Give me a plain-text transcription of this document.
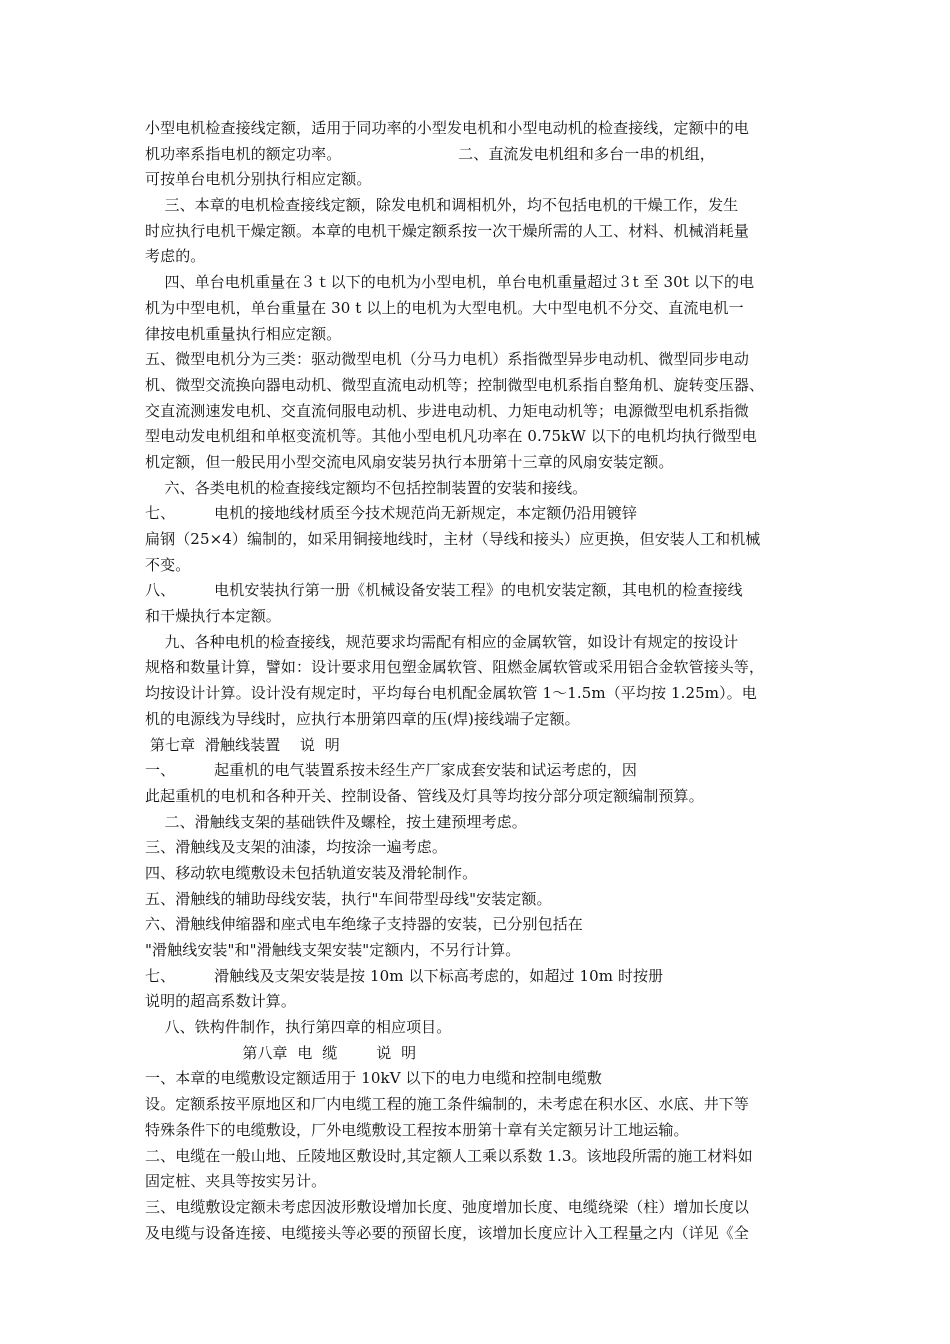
小型电机检查接线定额，适用于同功率的小型发电机和小型电动机的检查接线，定额中的电
机功率系指电机的额定功率。                        二、直流发电机组和多台一串的机组，
可按单台电机分别执行相应定额。
三、本章的电机检查接线定额，除发电机和调相机外，均不包括电机的干燥工作，发生
时应执行电机干燥定额。本章的电机干燥定额系按一次干燥所需的人工、材料、机械消耗量
考虑的。
四、单台电机重量在３ｔ以下的电机为小型电机，单台电机重量超过３t 至 30t 以下的电
机为中型电机，单台重量在 30 t 以上的电机为大型电机。大中型电机不分交、直流电机一
律按电机重量执行相应定额。
五、微型电机分为三类：驱动微型电机（分马力电机）系指微型异步电动机、微型同步电动
机、微型交流换向器电动机、微型直流电动机等；控制微型电机系指自整角机、旋转变压器、
交直流测速发电机、交直流伺服电动机、步进电动机、力矩电动机等；电源微型电机系指微
型电动发电机组和单枢变流机等。其他小型电机凡功率在 0.75kW 以下的电机均执行微型电
机定额，但一般民用小型交流电风扇安装另执行本册第十三章的风扇安装定额。
六、各类电机的检查接线定额均不包括控制装置的安装和接线。
七、        电机的接地线材质至今技术规范尚无新规定，本定额仍沿用镀锌
扁钢（25×4）编制的，如采用铜接地线时，主材（导线和接头）应更换，但安装人工和机械
不变。
八、        电机安装执行第一册《机械设备安装工程》的电机安装定额，其电机的检查接线
和干燥执行本定额。
九、各种电机的检查接线，规范要求均需配有相应的金属软管，如设计有规定的按设计
规格和数量计算，譬如：设计要求用包塑金属软管、阻燃金属软管或采用铝合金软管接头等，
均按设计计算。设计没有规定时，平均每台电机配金属软管 1～1.5m（平均按 1.25m）。电
机的电源线为导线时，应执行本册第四章的压(焊)接线端子定额。
第七章  滑触线装置    说  明
一、        起重机的电气装置系按未经生产厂家成套安装和试运考虑的，因
此起重机的电机和各种开关、控制设备、管线及灯具等均按分部分项定额编制预算。
二、滑触线支架的基础铁件及螺栓，按土建预埋考虑。
三、滑触线及支架的油漆，均按涂一遍考虑。
四、移动软电缆敷设未包括轨道安装及滑轮制作。
五、滑触线的辅助母线安装，执行"车间带型母线"安装定额。
六、滑触线伸缩器和座式电车绝缘子支持器的安装，已分别包括在
"滑触线安装"和"滑触线支架安装"定额内，不另行计算。
七、        滑触线及支架安装是按 10m 以下标高考虑的，如超过 10m 时按册
说明的超高系数计算。
八、铁构件制作，执行第四章的相应项目。
第八章  电  缆        说  明
一、本章的电缆敷设定额适用于 10kV 以下的电力电缆和控制电缆敷
设。定额系按平原地区和厂内电缆工程的施工条件编制的，未考虑在积水区、水底、井下等
特殊条件下的电缆敷设，厂外电缆敷设工程按本册第十章有关定额另计工地运输。
二、电缆在一般山地、丘陵地区敷设时,其定额人工乘以系数 1.3。该地段所需的施工材料如
固定桩、夹具等按实另计。
三、电缆敷设定额未考虑因波形敷设增加长度、弛度增加长度、电缆绕梁（柱）增加长度以
及电缆与设备连接、电缆接头等必要的预留长度，该增加长度应计入工程量之内（详见《全
